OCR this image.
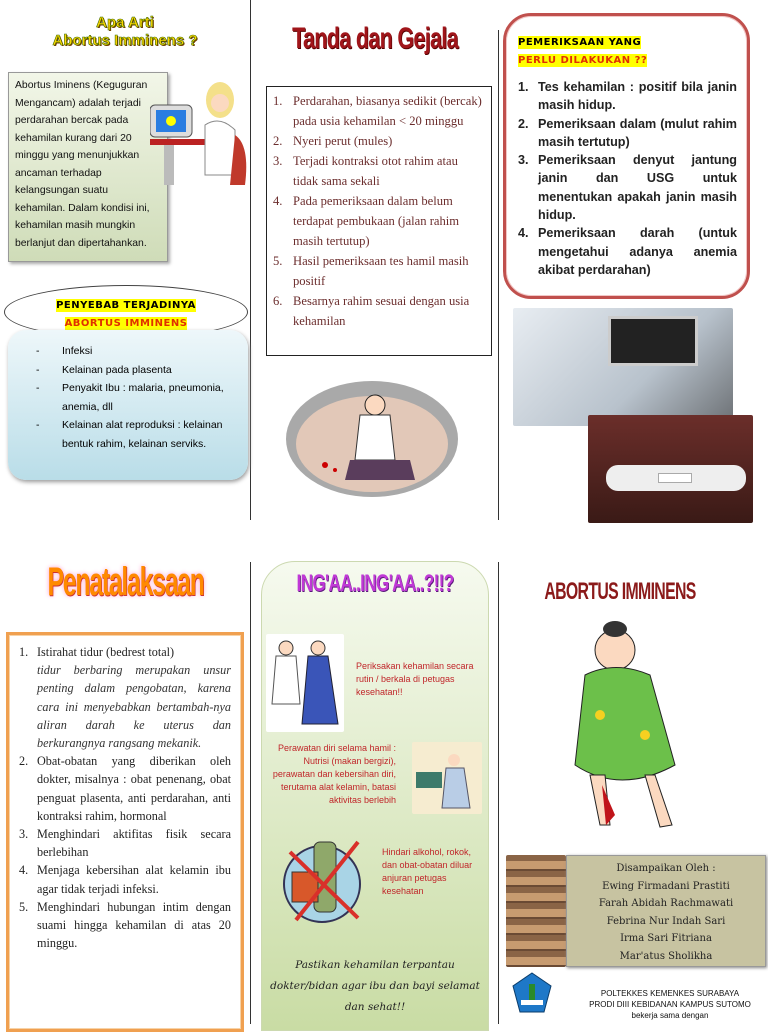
Apa Arti
Abortus Imminens ?
Abortus Iminens (Keguguran Mengancam) adalah terjadi perdarahan bercak pada kehamilan kurang dari 20 minggu yang menunjukkan ancaman terhadap kelangsungan suatu kehamilan. Dalam kondisi ini, kehamilan masih mungkin berlanjut dan dipertahankan.
PENYEBAB TERJADINYA
ABORTUS IMMINENS
- Infeksi
- Kelainan pada plasenta
- Penyakit Ibu : malaria, pneumonia, anemia, dll
- Kelainan alat reproduksi : kelainan bentuk rahim, kelainan serviks.
Tanda dan Gejala
1. Perdarahan, biasanya sedikit (bercak) pada usia kehamilan < 20 minggu
2. Nyeri perut (mules)
3. Terjadi kontraksi otot rahim atau tidak sama sekali
4. Pada pemeriksaan dalam belum terdapat pembukaan (jalan rahim masih tertutup)
5. Hasil pemeriksaan tes hamil masih positif
6. Besarnya rahim sesuai dengan usia kehamilan
PEMERIKSAAN YANG
PERLU DILAKUKAN ??
1. Tes kehamilan : positif bila janin masih hidup.
2. Pemeriksaan dalam (mulut rahim masih tertutup)
3. Pemeriksaan denyut jantung janin dan USG untuk menentukan apakah janin masih hidup.
4. Pemeriksaan darah (untuk mengetahui adanya anemia akibat perdarahan)
Penatalaksaan
1. Istirahat tidur (bedrest total)
tidur berbaring merupakan unsur penting dalam pengobatan, karena cara ini menyebabkan bertambah-nya aliran darah ke uterus dan berkurangnya rangsang mekanik.
2. Obat-obatan yang diberikan oleh dokter, misalnya : obat penenang, obat penguat plasenta, anti perdarahan, anti kontraksi rahim, hormonal
3. Menghindari aktifitas fisik secara berlebihan
4. Menjaga kebersihan alat kelamin ibu agar tidak terjadi infeksi.
5. Menghindari hubungan intim dengan suami hingga kehamilan di atas 20 minggu.
ING'AA..ING'AA..?!!?
Periksakan kehamilan secara rutin / berkala di petugas kesehatan!!
Perawatan diri selama hamil : Nutrisi (makan bergizi), perawatan dan kebersihan diri, terutama alat kelamin, batasi aktivitas berlebih
Hindari alkohol, rokok, dan obat-obatan diluar anjuran petugas kesehatan
Pastikan kehamilan terpantau dokter/bidan agar ibu dan bayi selamat dan sehat!!
ABORTUS IMMINENS
Disampaikan Oleh :
Ewing Firmadani Prastiti
Farah Abidah Rachmawati
Febrina Nur Indah Sari
Irma Sari Fitriana
Mar'atus Sholikha
POLTEKKES KEMENKES SURABAYA
PRODI DIII KEBIDANAN KAMPUS SUTOMO
bekerja sama dengan
